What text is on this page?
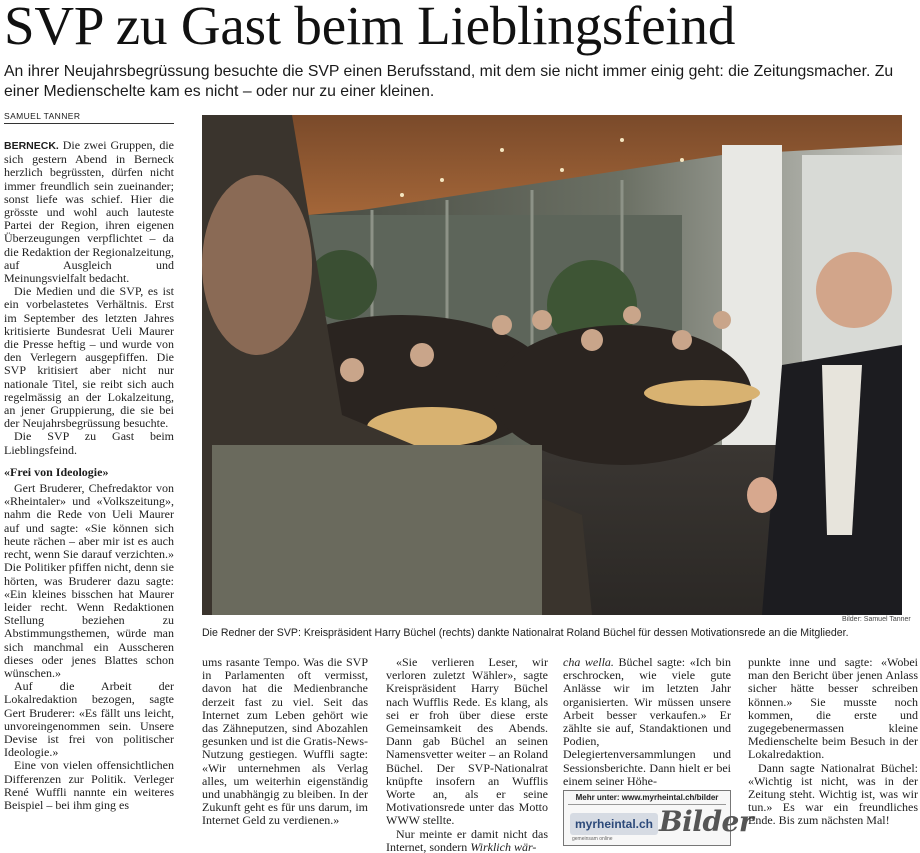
SVP zu Gast beim Lieblingsfeind
An ihrer Neujahrsbegrüssung besuchte die SVP einen Berufsstand, mit dem sie nicht immer einig geht: die Zeitungsmacher. Zu einer Medienschelte kam es nicht – oder nur zu einer kleinen.
SAMUEL TANNER

BERNECK. Die zwei Gruppen, die sich gestern Abend in Berneck herzlich begrüssten, dürfen nicht immer freundlich sein zueinander; sonst liefe was schief. Hier die grösste und wohl auch lauteste Partei der Region, ihren eigenen Überzeugungen verpflichtet – da die Redaktion der Regionalzeitung, auf Ausgleich und Meinungsvielfalt bedacht.

Die Medien und die SVP, es ist ein vorbelastetes Verhältnis. Erst im September des letzten Jahres kritisierte Bundesrat Ueli Maurer die Presse heftig – und wurde von den Verlegern ausgepfiffen. Die SVP kritisiert aber nicht nur nationale Titel, sie reibt sich auch regelmässig an der Lokalzeitung, an jener Gruppierung, die sie bei der Neujahrsbegrüssung besuchte.

Die SVP zu Gast beim Lieblingsfeind.

«Frei von Ideologie»

Gert Bruderer, Chefredaktor von «Rheintaler» und «Volkszeitung», nahm die Rede von Ueli Maurer auf und sagte: «Sie können sich heute rächen – aber mir ist es auch recht, wenn Sie darauf verzichten.» Die Politiker pfiffen nicht, denn sie hörten, was Bruderer dazu sagte: «Ein kleines bisschen hat Maurer leider recht. Wenn Redaktionen Stellung beziehen zu Abstimmungsthemen, würde man sich manchmal ein Ausscheren dieses oder jenes Blattes schon wünschen.»

Auf die Arbeit der Lokalredaktion bezogen, sagte Gert Bruderer: «Es fällt uns leicht, unvoreingenommen sein. Unsere Devise ist frei von politischer Ideologie.»

Eine von vielen offensichtlichen Differenzen zur Politik. Verleger René Wuffli nannte ein weiteres Beispiel – bei ihm ging es

Bilder: Samuel Tanner
Die Redner der SVP: Kreispräsident Harry Büchel (rechts) dankte Nationalrat Roland Büchel für dessen Motivationsrede an die Mitglieder.

ums rasante Tempo. Was die SVP in Parlamenten oft vermisst, davon hat die Medienbranche derzeit fast zu viel. Seit das Internet zum Leben gehört wie das Zähneputzen, sind Abozahlen gesunken und ist die Gratis-News-Nutzung gestiegen. Wuffli sagte: «Wir unternehmen als Verlag alles, um weiterhin eigenständig und unabhängig zu bleiben. In der Zukunft geht es für uns darum, im Internet Geld zu verdienen.»

«Sie verlieren Leser, wir verloren zuletzt Wähler», sagte Kreispräsident Harry Büchel nach Wufflis Rede. Es klang, als sei er froh über diese erste Gemeinsamkeit des Abends. Dann gab Büchel an seinen Namensvetter weiter – an Roland Büchel. Der SVP-Nationalrat knüpfte insofern an Wufflis Worte an, als er seine Motivationsrede unter das Motto WWW stellte.

Nur meinte er damit nicht das Internet, sondern Wirklich wär-

cha wella. Büchel sagte: «Ich bin erschrocken, wie viele gute Anlässe wir im letzten Jahr organisierten. Wir müssen unsere Arbeit besser verkaufen.» Er zählte sie auf, Standaktionen und Podien, Delegiertenversammlungen und Sessionsberichte. Dann hielt er bei einem seiner Höhe-

Mehr unter: www.myrheintal.ch/bilder
myrheintal.ch
gemeinsam online
Bilder

punkte inne und sagte: «Wobei man den Bericht über jenen Anlass sicher hätte besser schreiben können.» Sie musste noch kommen, die erste und zugegebenermassen kleine Medienschelte beim Besuch in der Lokalredaktion.

Dann sagte Nationalrat Büchel: «Wichtig ist nicht, was in der Zeitung steht. Wichtig ist, was wir tun.» Es war ein freundliches Ende. Bis zum nächsten Mal!
